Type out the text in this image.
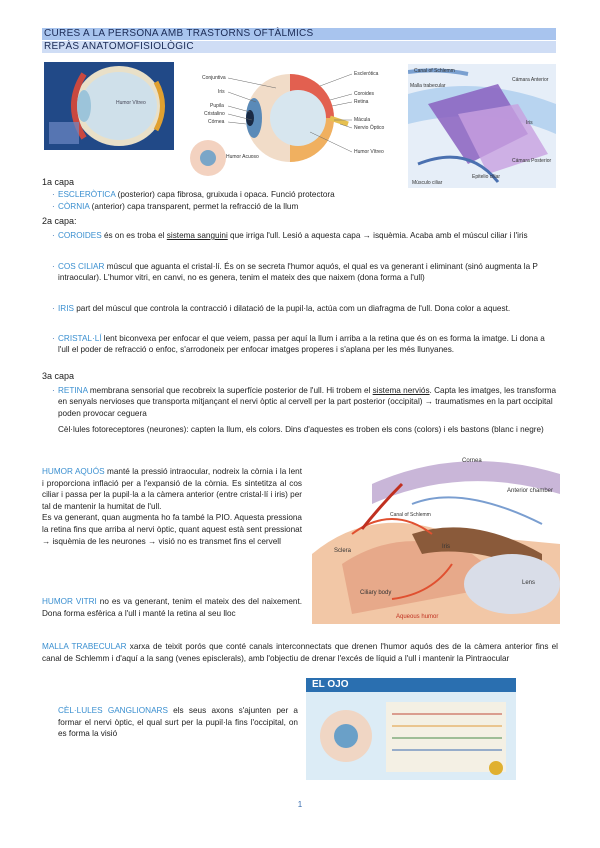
CURES A LA PERSONA AMB TRASTORNS OFTÀLMICS
REPÀS ANATOMOFISIOLÒGIC
Humor Vítreo
Conjuntiva
Iris
Pupila
Cristalino
Córnea
Esclerótica
Coroides
Retina
Mácula
Nervio Óptico
Humor Vítreo
Humor Acuoso
Canal of Schlemm
Malla trabecular
Cámara Anterior
Cámara Posterior
Iris
Músculo ciliar
Epitelio ciliar
1a capa
· ESCLERÒTICA (posterior) capa fibrosa, gruixuda i opaca. Funció protectora
· CÒRNIA (anterior) capa transparent, permet la refracció de la llum
2a capa:
· COROIDES és on es troba el sistema sanguini que irriga l'ull. Lesió a aquesta capa → isquèmia. Acaba amb el múscul ciliar i l'iris
· COS CILIAR múscul que aguanta el cristal·lí. És on se secreta l'humor aquós, el qual es va generant i eliminant (sinó augmenta la P intraocular). L'humor vitri, en canvi, no es genera, tenim el mateix des que naixem (dona forma a l'ull)
· IRIS part del múscul que controla la contracció i dilatació de la pupil·la, actúa com un diafragma de l'ull. Dona color a aquest.
· CRISTAL·LÍ lent biconvexa per enfocar el que veiem, passa per aquí la llum i arriba a la retina que és on es forma la imatge. Li dona a l'ull el poder de refracció o enfoc, s'arrodoneix per enfocar imatges properes i s'aplana per les més llunyanes.
3a capa
· RETINA membrana sensorial que recobreix la superfície posterior de l'ull. Hi trobem el sistema nerviós. Capta les imatges, les transforma en senyals nervioses que transporta mitjançant el nervi òptic al cervell per la part posterior (occipital) → traumatismes en la part occipital poden provocar ceguera
Cèl·lules fotoreceptores (neurones): capten la llum, els colors. Dins d'aquestes es troben els cons (colors) i els bastons (blanc i negre)
HUMOR AQUÓS manté la pressió intraocular, nodreix la còrnia i la lent i proporciona inflació per a l'expansió de la còrnia. Es sintetitza al cos ciliar i passa per la pupil·la a la càmera anterior (entre cristal·lí i iris) per tal de mantenir la humitat de l'ull.
Es va generant, quan augmenta ho fa també la PIO. Aquesta pressiona la retina fins que arriba al nervi òptic, quant aquest està sent pressionat → isquèmia de les neurones → visió no es transmet fins el cervell
Cornea
Anterior chamber
Iris
Lens
Ciliary body
Sclera
Aqueous humor
Canal of Schlemm
HUMOR VITRI no es va generant, tenim el mateix des del naixement. Dona forma esfèrica a l'ull i manté la retina al seu lloc
MALLA TRABECULAR xarxa de teixit porós que conté canals interconnectats que drenen l'humor aquós des de la càmera anterior fins el canal de Schlemm i d'aquí a la sang (venes episclerals), amb l'objectiu de drenar l'excés de líquid a l'ull i mantenir la Pintraocular
EL OJO
CÈL·LULES GANGLIONARS els seus axons s'ajunten per a formar el nervi òptic, el qual surt per la pupil·la fins l'occipital, on es forma la visió
1
